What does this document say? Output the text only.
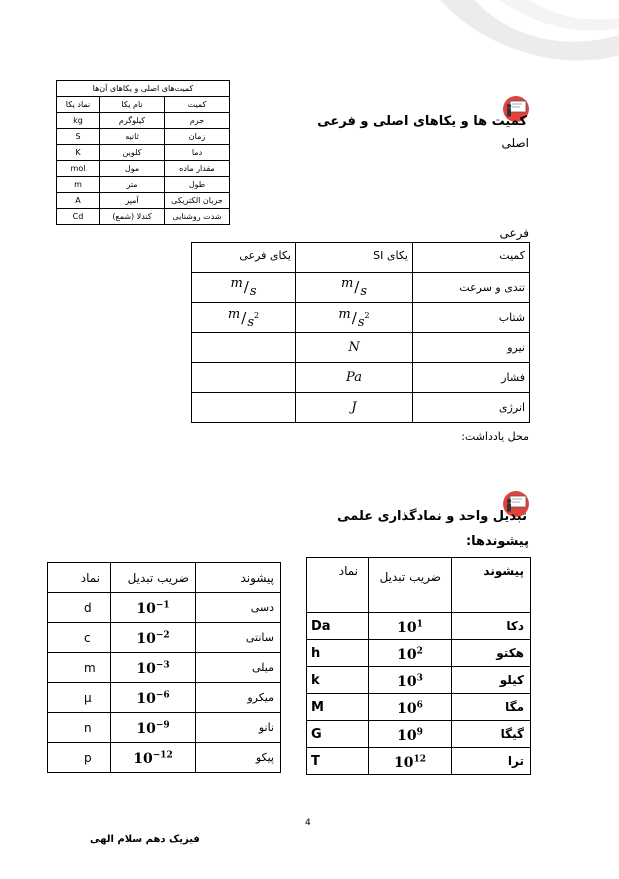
کمیت‌های اصلی و یکاهای آن‌ها		
کمیت	نام یکا	نماد یکا
جرم	کیلوگرم	kg
زمان	ثانیه	S
دما	کلوین	K
مقدار ماده	مول	mol
طول	متر	m
جریان الکتریکی	آمپر	A
شدت روشنایی	کندلا (شمع)	Cd
کمیت ها و یکاهای اصلی و فرعی
اصلی
فرعی
کمیت	یکای SI	یکای فرعی
تندی و سرعت	m/s	m/s
شتاب	$m/s^2$	$m/s^2$
نیرو	N	
فشار	Pa	
انرژی	J	
محل یادداشت:
تبدیل واحد و نمادگذاری علمی
پیشوندها:
پیشوند	ضریب تبدیل	نماد
دکا	$10^1$	Da
هکتو	$10^2$	h
کیلو	$10^3$	k
مگا	$10^6$	M
گیگا	$10^9$	G
ترا	$10^{12}$	T
پیشوند	ضریب تبدیل	نماد
دسی	$10^{-1}$	d
سانتی	$10^{-2}$	c
میلی	$10^{-3}$	m
میکرو	$10^{-6}$	μ
نانو	$10^{-9}$	n
پیکو	$10^{-12}$	p
4
فیزیک دهم سلام الهی
